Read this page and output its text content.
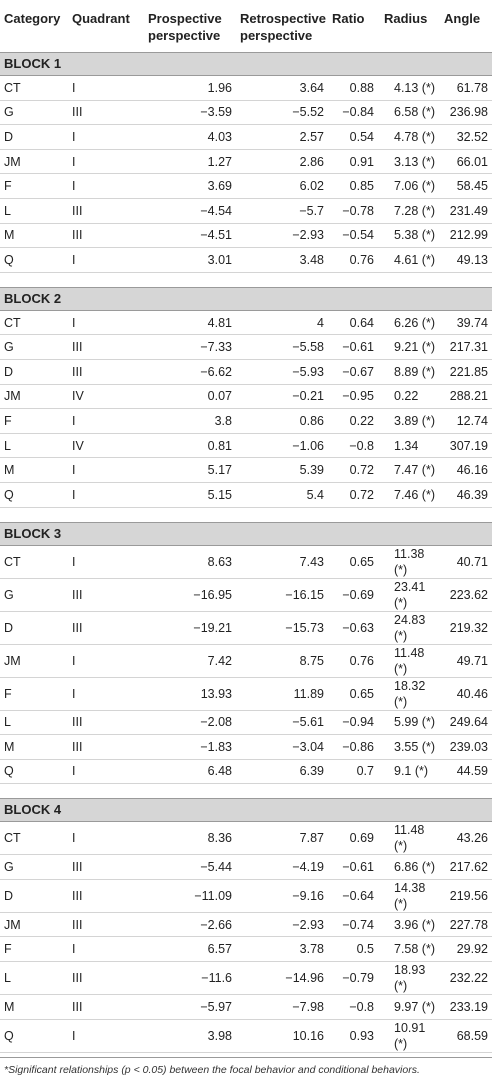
Category	Quadrant	Prospective perspective	Retrospective perspective	Ratio	Radius	Angle
BLOCK 1						
CT	I	1.96	3.64	0.88	4.13 (*)	61.78
G	III	−3.59	−5.52	−0.84	6.58 (*)	236.98
D	I	4.03	2.57	0.54	4.78 (*)	32.52
JM	I	1.27	2.86	0.91	3.13 (*)	66.01
F	I	3.69	6.02	0.85	7.06 (*)	58.45
L	III	−4.54	−5.7	−0.78	7.28 (*)	231.49
M	III	−4.51	−2.93	−0.54	5.38 (*)	212.99
Q	I	3.01	3.48	0.76	4.61 (*)	49.13

BLOCK 2						
CT	I	4.81	4	0.64	6.26 (*)	39.74
G	III	−7.33	−5.58	−0.61	9.21 (*)	217.31
D	III	−6.62	−5.93	−0.67	8.89 (*)	221.85
JM	IV	0.07	−0.21	−0.95	0.22	288.21
F	I	3.8	0.86	0.22	3.89 (*)	12.74
L	IV	0.81	−1.06	−0.8	1.34	307.19
M	I	5.17	5.39	0.72	7.47 (*)	46.16
Q	I	5.15	5.4	0.72	7.46 (*)	46.39

BLOCK 3						
CT	I	8.63	7.43	0.65	11.38 (*)	40.71
G	III	−16.95	−16.15	−0.69	23.41 (*)	223.62
D	III	−19.21	−15.73	−0.63	24.83 (*)	219.32
JM	I	7.42	8.75	0.76	11.48 (*)	49.71
F	I	13.93	11.89	0.65	18.32 (*)	40.46
L	III	−2.08	−5.61	−0.94	5.99 (*)	249.64
M	III	−1.83	−3.04	−0.86	3.55 (*)	239.03
Q	I	6.48	6.39	0.7	9.1 (*)	44.59

BLOCK 4						
CT	I	8.36	7.87	0.69	11.48 (*)	43.26
G	III	−5.44	−4.19	−0.61	6.86 (*)	217.62
D	III	−11.09	−9.16	−0.64	14.38 (*)	219.56
JM	III	−2.66	−2.93	−0.74	3.96 (*)	227.78
F	I	6.57	3.78	0.5	7.58 (*)	29.92
L	III	−11.6	−14.96	−0.79	18.93 (*)	232.22
M	III	−5.97	−7.98	−0.8	9.97 (*)	233.19
Q	I	3.98	10.16	0.93	10.91 (*)	68.59
*Significant relationships (p < 0.05) between the focal behavior and conditional behaviors.
